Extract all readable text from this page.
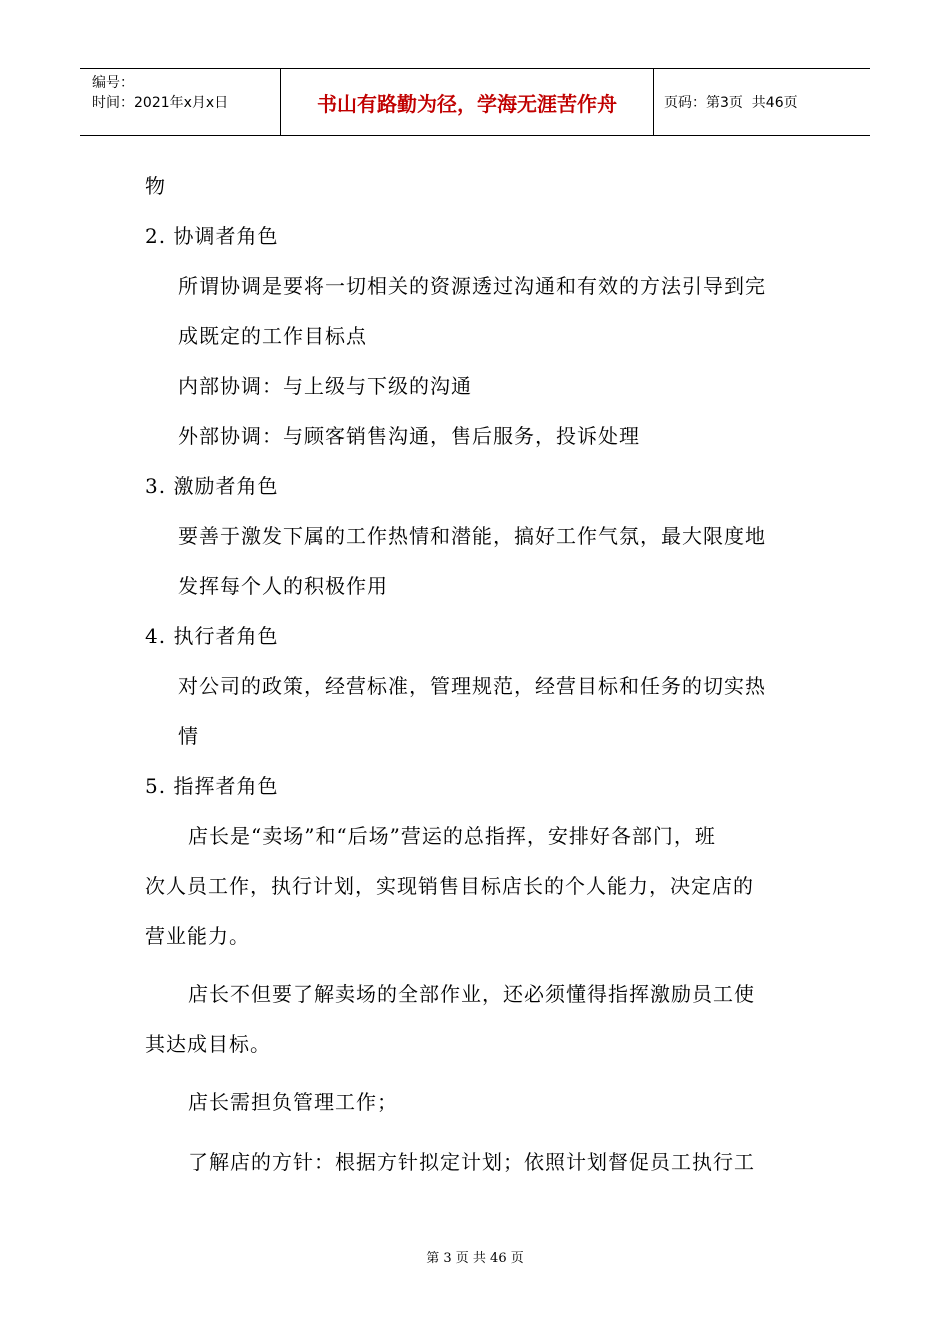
编号：
时间：2021年x月x日	书山有路勤为径，学海无涯苦作舟	页码：第3页  共46页
物
2. 协调者角色
所谓协调是要将一切相关的资源透过沟通和有效的方法引导到完
成既定的工作目标点
内部协调：与上级与下级的沟通
外部协调：与顾客销售沟通，售后服务，投诉处理
3. 激励者角色
要善于激发下属的工作热情和潜能，搞好工作气氛，最大限度地
发挥每个人的积极作用
4. 执行者角色
对公司的政策，经营标准，管理规范，经营目标和任务的切实热
情
5. 指挥者角色
店长是“卖场”和“后场”营运的总指挥，安排好各部门，班
次人员工作，执行计划，实现销售目标店长的个人能力，决定店的
营业能力。
店长不但要了解卖场的全部作业，还必须懂得指挥激励员工使
其达成目标。
店长需担负管理工作；
了解店的方针：根据方针拟定计划；依照计划督促员工执行工
第 3 页 共 46 页
